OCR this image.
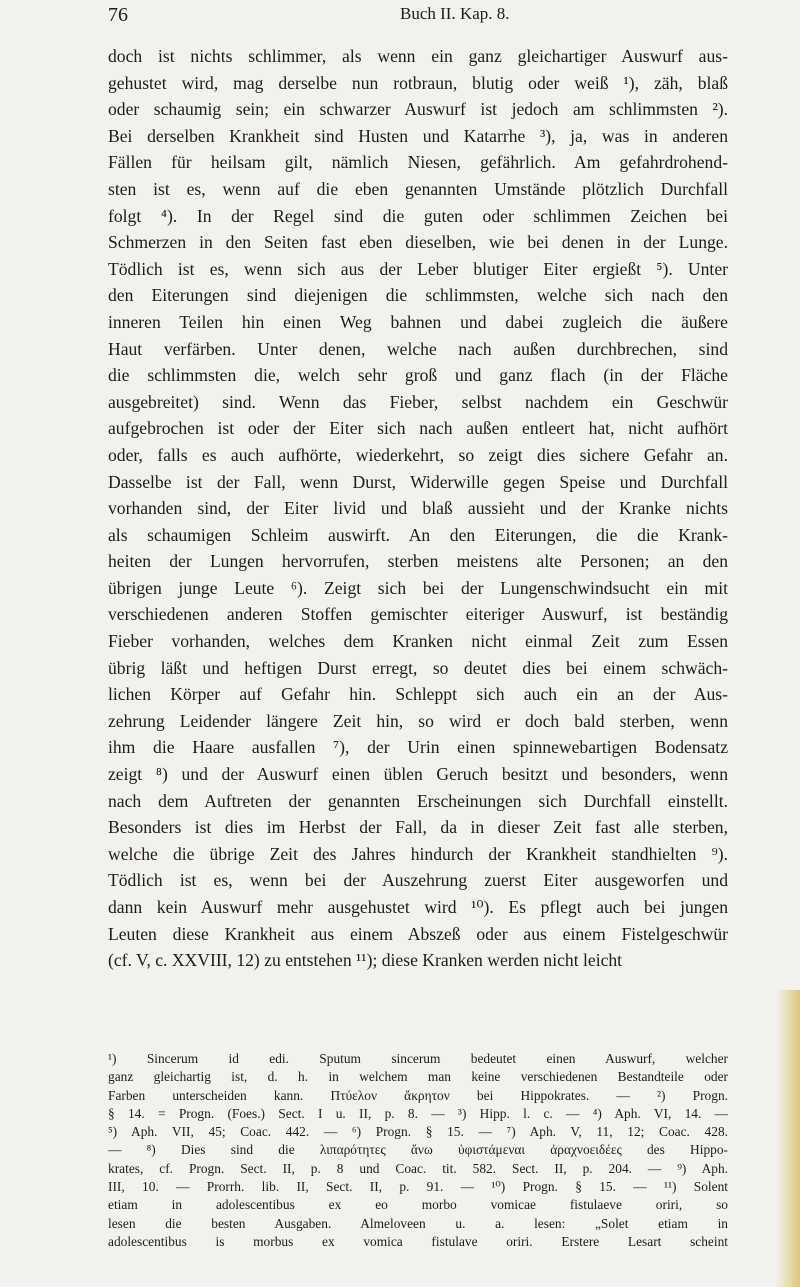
76	Buch II. Kap. 8.
doch ist nichts schlimmer, als wenn ein ganz gleichartiger Auswurf aus-
gehustet wird, mag derselbe nun rotbraun, blutig oder weiß ¹), zäh, blaß
oder schaumig sein; ein schwarzer Auswurf ist jedoch am schlimmsten ²).
Bei derselben Krankheit sind Husten und Katarrhe ³), ja, was in anderen
Fällen für heilsam gilt, nämlich Niesen, gefährlich. Am gefahrdrohend-
sten ist es, wenn auf die eben genannten Umstände plötzlich Durchfall
folgt ⁴). In der Regel sind die guten oder schlimmen Zeichen bei
Schmerzen in den Seiten fast eben dieselben, wie bei denen in der Lunge.
Tödlich ist es, wenn sich aus der Leber blutiger Eiter ergießt ⁵). Unter
den Eiterungen sind diejenigen die schlimmsten, welche sich nach den
inneren Teilen hin einen Weg bahnen und dabei zugleich die äußere
Haut verfärben. Unter denen, welche nach außen durchbrechen, sind
die schlimmsten die, welch sehr groß und ganz flach (in der Fläche
ausgebreitet) sind. Wenn das Fieber, selbst nachdem ein Geschwür
aufgebrochen ist oder der Eiter sich nach außen entleert hat, nicht aufhört
oder, falls es auch aufhörte, wiederkehrt, so zeigt dies sichere Gefahr an.
Dasselbe ist der Fall, wenn Durst, Widerwille gegen Speise und Durchfall
vorhanden sind, der Eiter livid und blaß aussieht und der Kranke nichts
als schaumigen Schleim auswirft. An den Eiterungen, die die Krank-
heiten der Lungen hervorrufen, sterben meistens alte Personen; an den
übrigen junge Leute ⁶). Zeigt sich bei der Lungenschwindsucht ein mit
verschiedenen anderen Stoffen gemischter eiteriger Auswurf, ist beständig
Fieber vorhanden, welches dem Kranken nicht einmal Zeit zum Essen
übrig läßt und heftigen Durst erregt, so deutet dies bei einem schwäch-
lichen Körper auf Gefahr hin. Schleppt sich auch ein an der Aus-
zehrung Leidender längere Zeit hin, so wird er doch bald sterben, wenn
ihm die Haare ausfallen ⁷), der Urin einen spinnewebartigen Bodensatz
zeigt ⁸) und der Auswurf einen üblen Geruch besitzt und besonders, wenn
nach dem Auftreten der genannten Erscheinungen sich Durchfall einstellt.
Besonders ist dies im Herbst der Fall, da in dieser Zeit fast alle sterben,
welche die übrige Zeit des Jahres hindurch der Krankheit standhielten ⁹).
Tödlich ist es, wenn bei der Auszehrung zuerst Eiter ausgeworfen und
dann kein Auswurf mehr ausgehustet wird ¹⁰). Es pflegt auch bei jungen
Leuten diese Krankheit aus einem Abszeß oder aus einem Fistelgeschwür
(cf. V, c. XXVIII, 12) zu entstehen ¹¹); diese Kranken werden nicht leicht
¹) Sincerum id edi. Sputum sincerum bedeutet einen Auswurf, welcher
ganz gleichartig ist, d. h. in welchem man keine verschiedenen Bestandteile oder
Farben unterscheiden kann. Πτύελον ἄκρητον bei Hippokrates. — ²) Progn.
§ 14. = Progn. (Foes.) Sect. I u. II, p. 8. — ³) Hipp. l. c. — ⁴) Aph. VI, 14. —
⁵) Aph. VII, 45; Coac. 442. — ⁶) Progn. § 15. — ⁷) Aph. V, 11, 12; Coac. 428.
— ⁸) Dies sind die λιπαρότητες ἄνω ὑφιστάμεναι ἀραχνοειδέες des Hippo-
krates, cf. Progn. Sect. II, p. 8 und Coac. tit. 582. Sect. II, p. 204. — ⁹) Aph.
III, 10. — Prorrh. lib. II, Sect. II, p. 91. — ¹⁰) Progn. § 15. — ¹¹) Solent
etiam in adolescentibus ex eo morbo vomicae fistulaeve oriri, so
lesen die besten Ausgaben. Almeloveen u. a. lesen: „Solet etiam in
adolescentibus is morbus ex vomica fistulave oriri. Erstere Lesart scheint
